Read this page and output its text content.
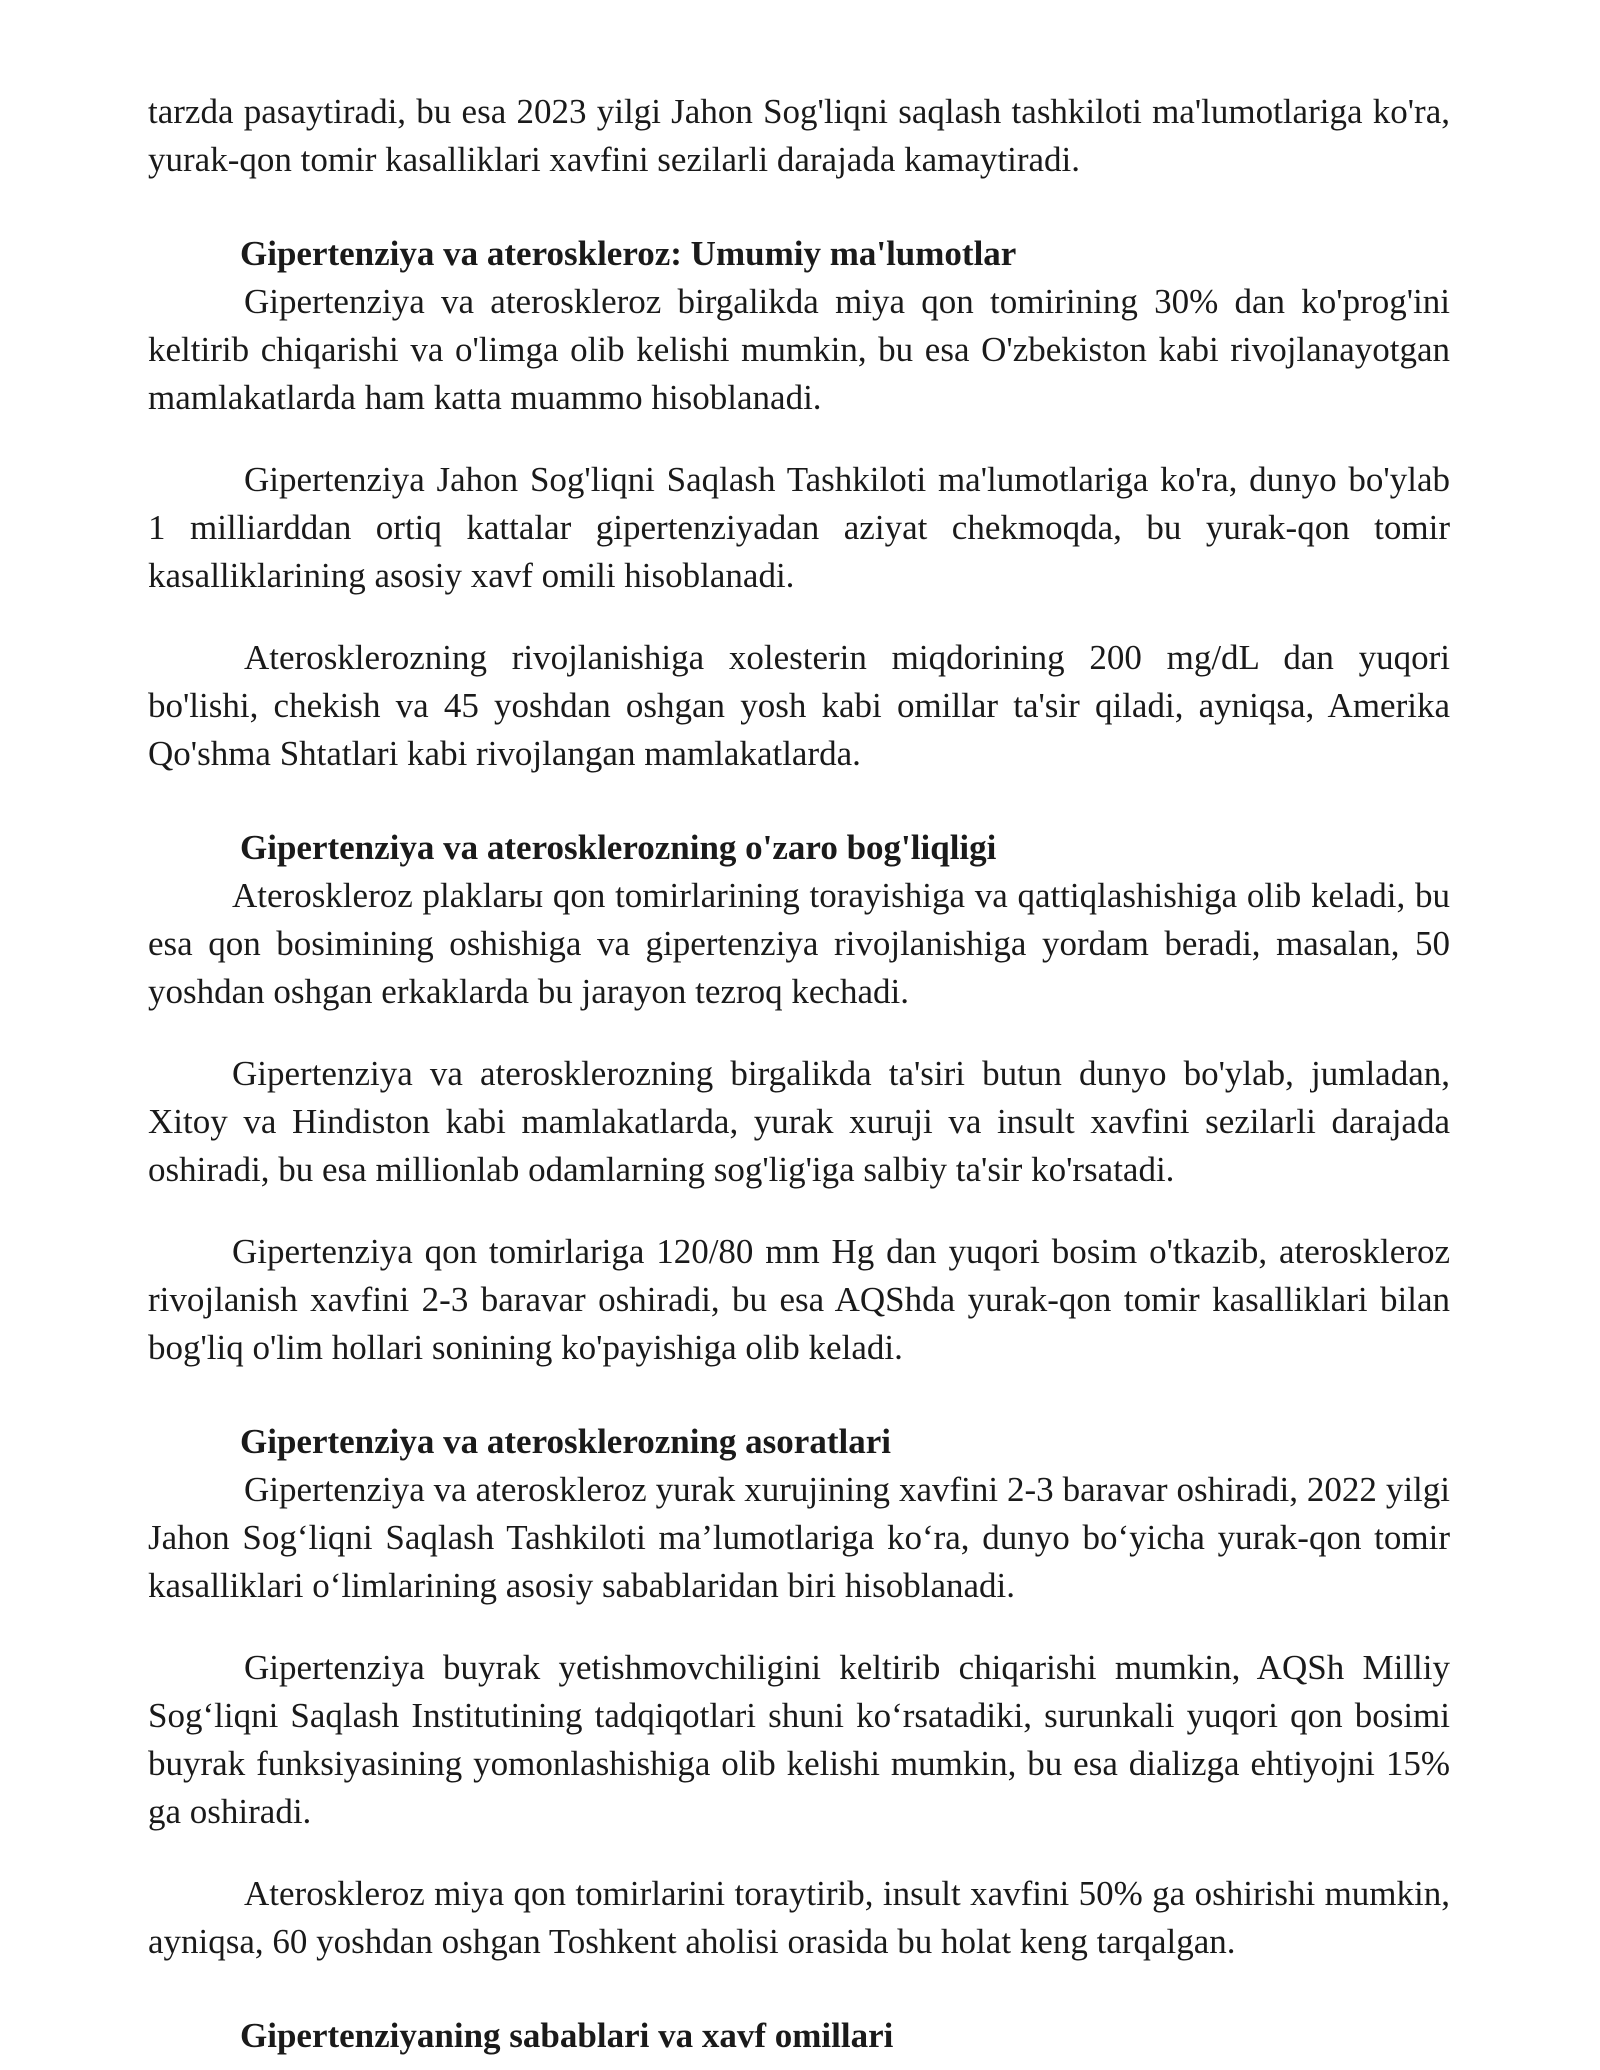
tarzda pasaytiradi, bu esa 2023 yilgi Jahon Sog'liqni saqlash tashkiloti ma'lumotlariga ko'ra, yurak-qon tomir kasalliklari xavfini sezilarli darajada kamaytiradi.

Gipertenziya va ateroskleroz: Umumiy ma'lumotlar

Gipertenziya va ateroskleroz birgalikda miya qon tomirining 30% dan ko'prog'ini keltirib chiqarishi va o'limga olib kelishi mumkin, bu esa O'zbekiston kabi rivojlanayotgan mamlakatlarda ham katta muammo hisoblanadi.

Gipertenziya Jahon Sog'liqni Saqlash Tashkiloti ma'lumotlariga ko'ra, dunyo bo'ylab 1 milliarddan ortiq kattalar gipertenziyadan aziyat chekmoqda, bu yurak-qon tomir kasalliklarining asosiy xavf omili hisoblanadi.

Aterosklerozning rivojlanishiga xolesterin miqdorining 200 mg/dL dan yuqori bo'lishi, chekish va 45 yoshdan oshgan yosh kabi omillar ta'sir qiladi, ayniqsa, Amerika Qo'shma Shtatlari kabi rivojlangan mamlakatlarda.

Gipertenziya va aterosklerozning o'zaro bog'liqligi

Ateroskleroz plaklarы qon tomirlarining torayishiga va qattiqlashishiga olib keladi, bu esa qon bosimining oshishiga va gipertenziya rivojlanishiga yordam beradi, masalan, 50 yoshdan oshgan erkaklarda bu jarayon tezroq kechadi.

Gipertenziya va aterosklerozning birgalikda ta'siri butun dunyo bo'ylab, jumladan, Xitoy va Hindiston kabi mamlakatlarda, yurak xuruji va insult xavfini sezilarli darajada oshiradi, bu esa millionlab odamlarning sog'lig'iga salbiy ta'sir ko'rsatadi.

Gipertenziya qon tomirlariga 120/80 mm Hg dan yuqori bosim o'tkazib, ateroskleroz rivojlanish xavfini 2-3 baravar oshiradi, bu esa AQShda yurak-qon tomir kasalliklari bilan bog'liq o'lim hollari sonining ko'payishiga olib keladi.

Gipertenziya va aterosklerozning asoratlari

Gipertenziya va ateroskleroz yurak xurujining xavfini 2-3 baravar oshiradi, 2022 yilgi Jahon Sog‘liqni Saqlash Tashkiloti ma’lumotlariga ko‘ra, dunyo bo‘yicha yurak-qon tomir kasalliklari o‘limlarining asosiy sabablaridan biri hisoblanadi.

Gipertenziya buyrak yetishmovchiligini keltirib chiqarishi mumkin, AQSh Milliy Sog‘liqni Saqlash Institutining tadqiqotlari shuni ko‘rsatadiki, surunkali yuqori qon bosimi buyrak funksiyasining yomonlashishiga olib kelishi mumkin, bu esa dializga ehtiyojni 15% ga oshiradi.

Ateroskleroz miya qon tomirlarini toraytirib, insult xavfini 50% ga oshirishi mumkin, ayniqsa, 60 yoshdan oshgan Toshkent aholisi orasida bu holat keng tarqalgan.

Gipertenziyaning sabablari va xavf omillari
